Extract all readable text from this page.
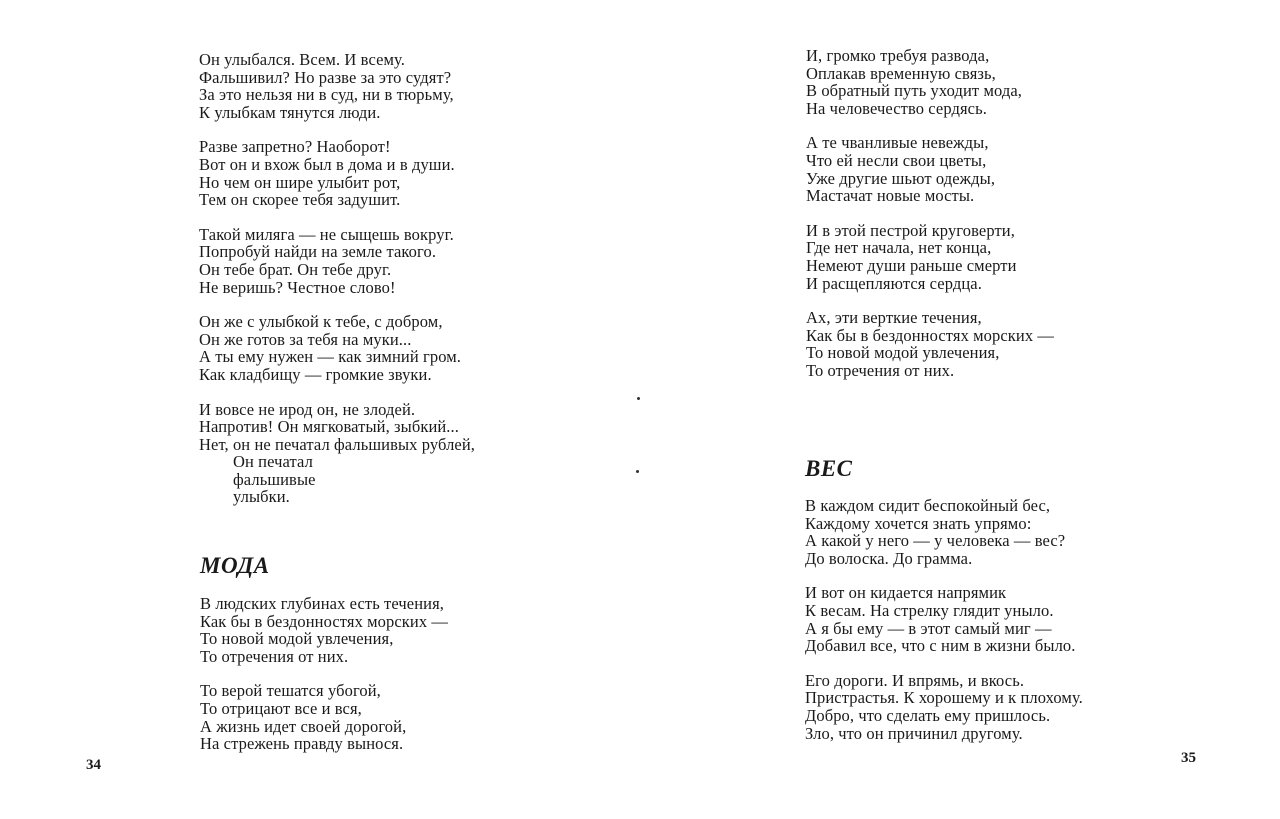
Он улыбался. Всем. И всему.
Фальшивил? Но разве за это судят?
За это нельзя ни в суд, ни в тюрьму,
К улыбкам тянутся люди.
Разве запретно? Наоборот!
Вот он и вхож был в дома и в души.
Но чем он шире улыбит рот,
Тем он скорее тебя задушит.
Такой миляга — не сыщешь вокруг.
Попробуй найди на земле такого.
Он тебе брат. Он тебе друг.
Не веришь? Честное слово!
Он же с улыбкой к тебе, с добром,
Он же готов за тебя на муки...
А ты ему нужен — как зимний гром.
Как кладбищу — громкие звуки.
И вовсе не ирод он, не злодей.
Напротив! Он мягковатый, зыбкий...
Нет, он не печатал фальшивых рублей,
Он печатал
фальшивые
улыбки.
МОДА
В людских глубинах есть течения,
Как бы в бездонностях морских —
То новой модой увлечения,
То отречения от них.
То верой тешатся убогой,
То отрицают все и вся,
А жизнь идет своей дорогой,
На стрежень правду вынося.
34
И, громко требуя развода,
Оплакав временную связь,
В обратный путь уходит мода,
На человечество сердясь.
А те чванливые невежды,
Что ей несли свои цветы,
Уже другие шьют одежды,
Мастачат новые мосты.
И в этой пестрой круговерти,
Где нет начала, нет конца,
Немеют души раньше смерти
И расщепляются сердца.
Ах, эти верткие течения,
Как бы в бездонностях морских —
То новой модой увлечения,
То отречения от них.
ВЕС
В каждом сидит беспокойный бес,
Каждому хочется знать упрямо:
А какой у него — у человека — вес?
До волоска. До грамма.
И вот он кидается напрямик
К весам. На стрелку глядит уныло.
А я бы ему — в этот самый миг —
Добавил все, что с ним в жизни было.
Его дороги. И впрямь, и вкось.
Пристрастья. К хорошему и к плохому.
Добро, что сделать ему пришлось.
Зло, что он причинил другому.
35
